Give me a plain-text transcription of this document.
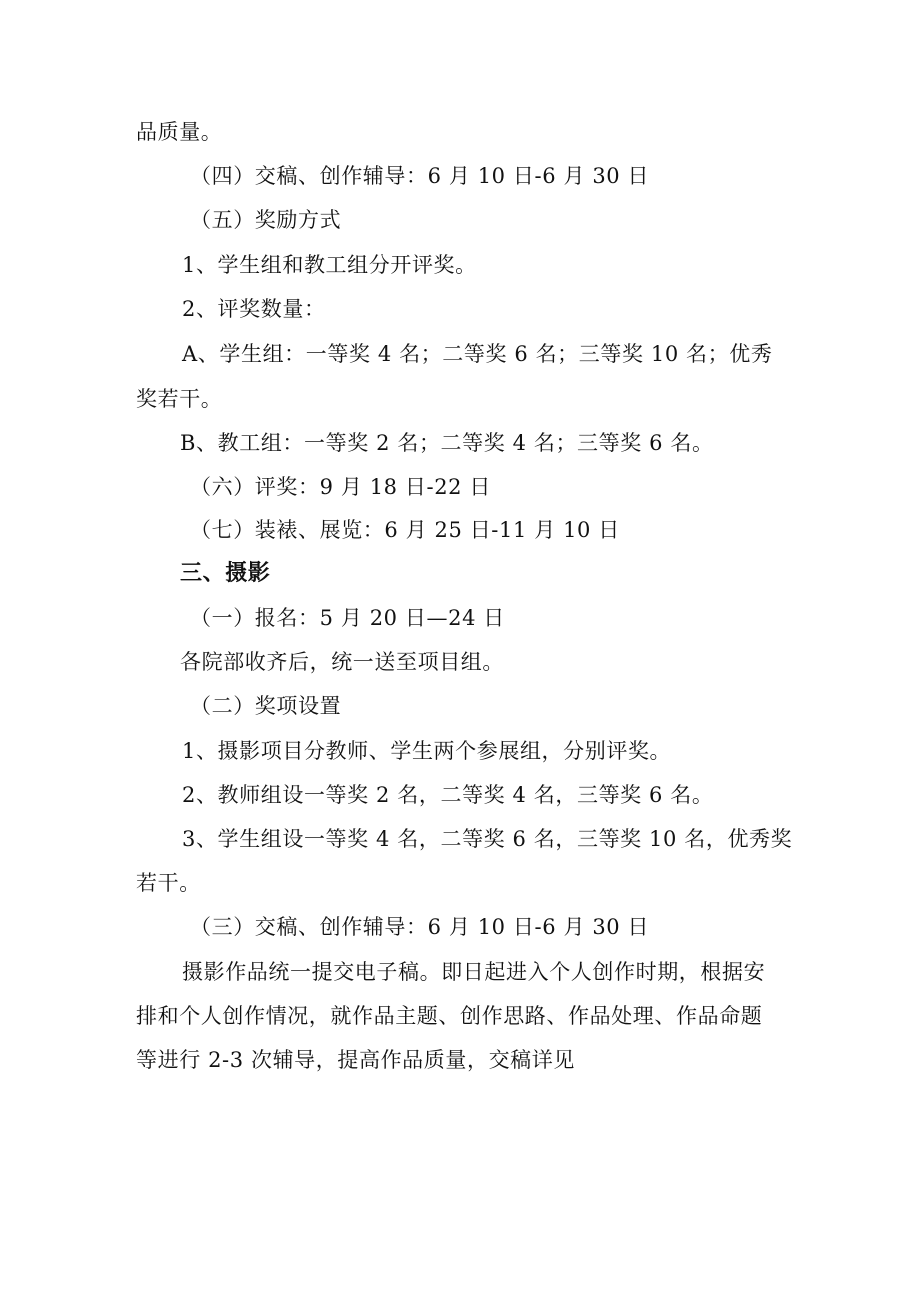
品质量。
（四）交稿、创作辅导：6 月 10 日-6 月 30 日
（五）奖励方式
1、学生组和教工组分开评奖。
2、评奖数量：
A、学生组：一等奖 4 名；二等奖 6 名；三等奖 10 名；优秀
奖若干。
B、教工组：一等奖 2 名；二等奖 4 名；三等奖 6 名。
（六）评奖：9 月 18 日-22 日
（七）装裱、展览：6 月 25 日-11 月 10 日
三、摄影
（一）报名：5 月 20 日—24 日
各院部收齐后，统一送至项目组。
（二）奖项设置
1、摄影项目分教师、学生两个参展组，分别评奖。
2、教师组设一等奖 2 名，二等奖 4 名，三等奖 6 名。
3、学生组设一等奖 4 名，二等奖 6 名，三等奖 10 名，优秀奖
若干。
（三）交稿、创作辅导：6 月 10 日-6 月 30 日
摄影作品统一提交电子稿。即日起进入个人创作时期，根据安
排和个人创作情况，就作品主题、创作思路、作品处理、作品命题
等进行 2-3 次辅导，提高作品质量，交稿详见
